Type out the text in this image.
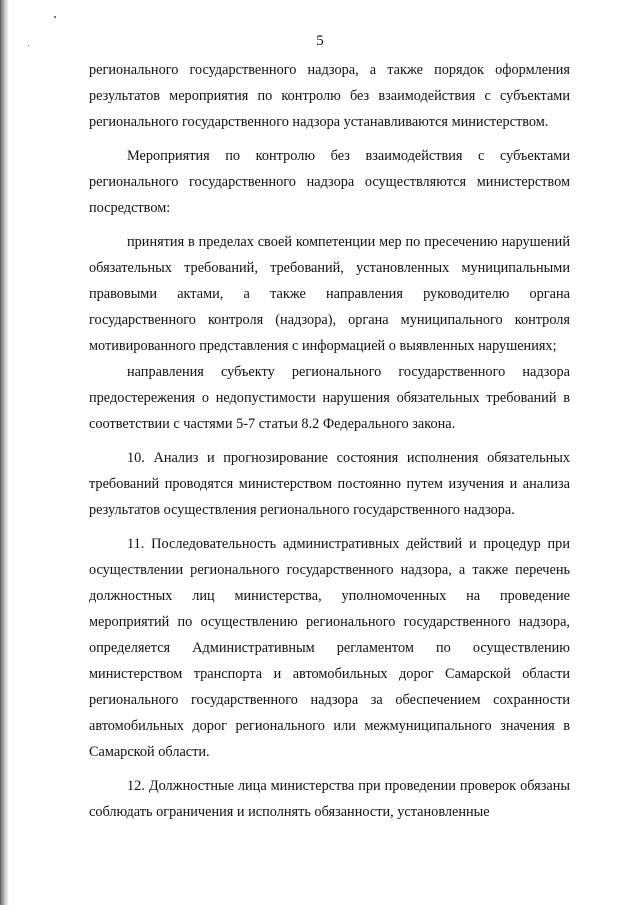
5

регионального государственного надзора, а также порядок оформления результатов мероприятия по контролю без взаимодействия с субъектами регионального государственного надзора устанавливаются министерством.

Мероприятия по контролю без взаимодействия с субъектами регионального государственного надзора осуществляются министерством посредством:

принятия в пределах своей компетенции мер по пресечению нарушений обязательных требований, требований, установленных муниципальными правовыми актами, а также направления руководителю органа государственного контроля (надзора), органа муниципального контроля мотивированного представления с информацией о выявленных нарушениях;

направления субъекту регионального государственного надзора предостережения о недопустимости нарушения обязательных требований в соответствии с частями 5-7 статьи 8.2 Федерального закона.

10. Анализ и прогнозирование состояния исполнения обязательных требований проводятся министерством постоянно путем изучения и анализа результатов осуществления регионального государственного надзора.

11. Последовательность административных действий и процедур при осуществлении регионального государственного надзора, а также перечень должностных лиц министерства, уполномоченных на проведение мероприятий по осуществлению регионального государственного надзора, определяется Административным регламентом по осуществлению министерством транспорта и автомобильных дорог Самарской области регионального государственного надзора за обеспечением сохранности автомобильных дорог регионального или межмуниципального значения в Самарской области.

12. Должностные лица министерства при проведении проверок обязаны соблюдать ограничения и исполнять обязанности, установленные
